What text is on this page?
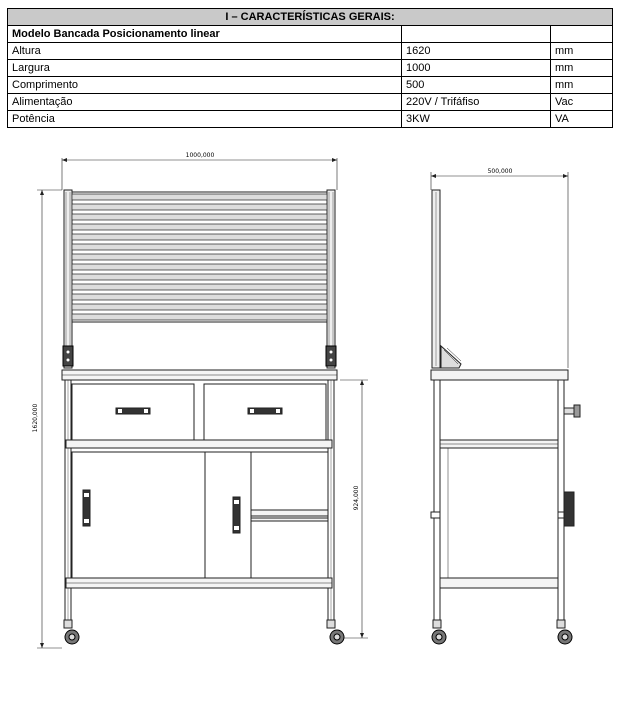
I – CARACTERÍSTICAS GERAIS:		
Modelo Bancada Posicionamento linear		
Altura	1620	mm
Largura	1000	mm
Comprimento	500	mm
Alimentação	220V / Trifáfiso	Vac
Potência	3KW	VA
1000,000
1620,000
924,000
500,000
